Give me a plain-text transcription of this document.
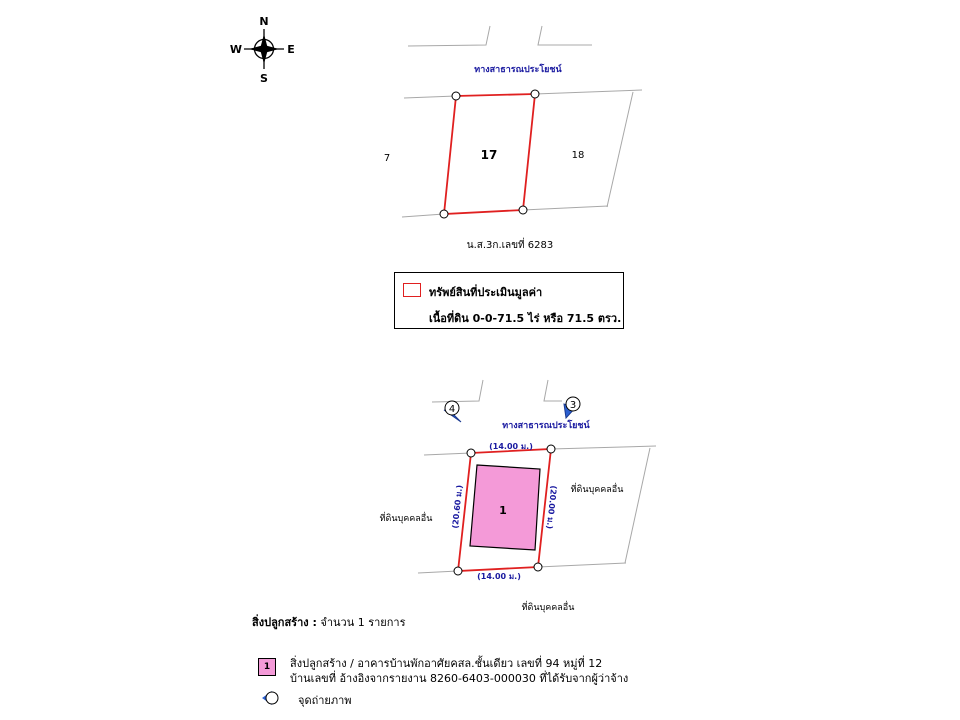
N
S
E
W
ทางสาธารณประโยชน์
17
7	18
น.ส.3ก.เลขที่ 6283
4	3
ทางสาธารณประโยชน์
(14.00 ม.)
(14.00 ม.)
(20.60 ม.)	(20.00 ม.)
1
ที่ดินบุคคลอื่น
ที่ดินบุคคลอื่น
ที่ดินบุคคลอื่น
ทรัพย์สินที่ประเมินมูลค่า
เนื้อที่ดิน 0-0-71.5 ไร่ หรือ 71.5 ตรว.
สิ่งปลูกสร้าง : จำนวน 1 รายการ
1	สิ่งปลูกสร้าง / อาคารบ้านพักอาศัยคสล.ชั้นเดียว เลขที่ 94 หมู่ที่ 12
บ้านเลขที่ อ้างอิงจากรายงาน 8260-6403-000030 ที่ได้รับจากผู้ว่าจ้าง
จุดถ่ายภาพ
